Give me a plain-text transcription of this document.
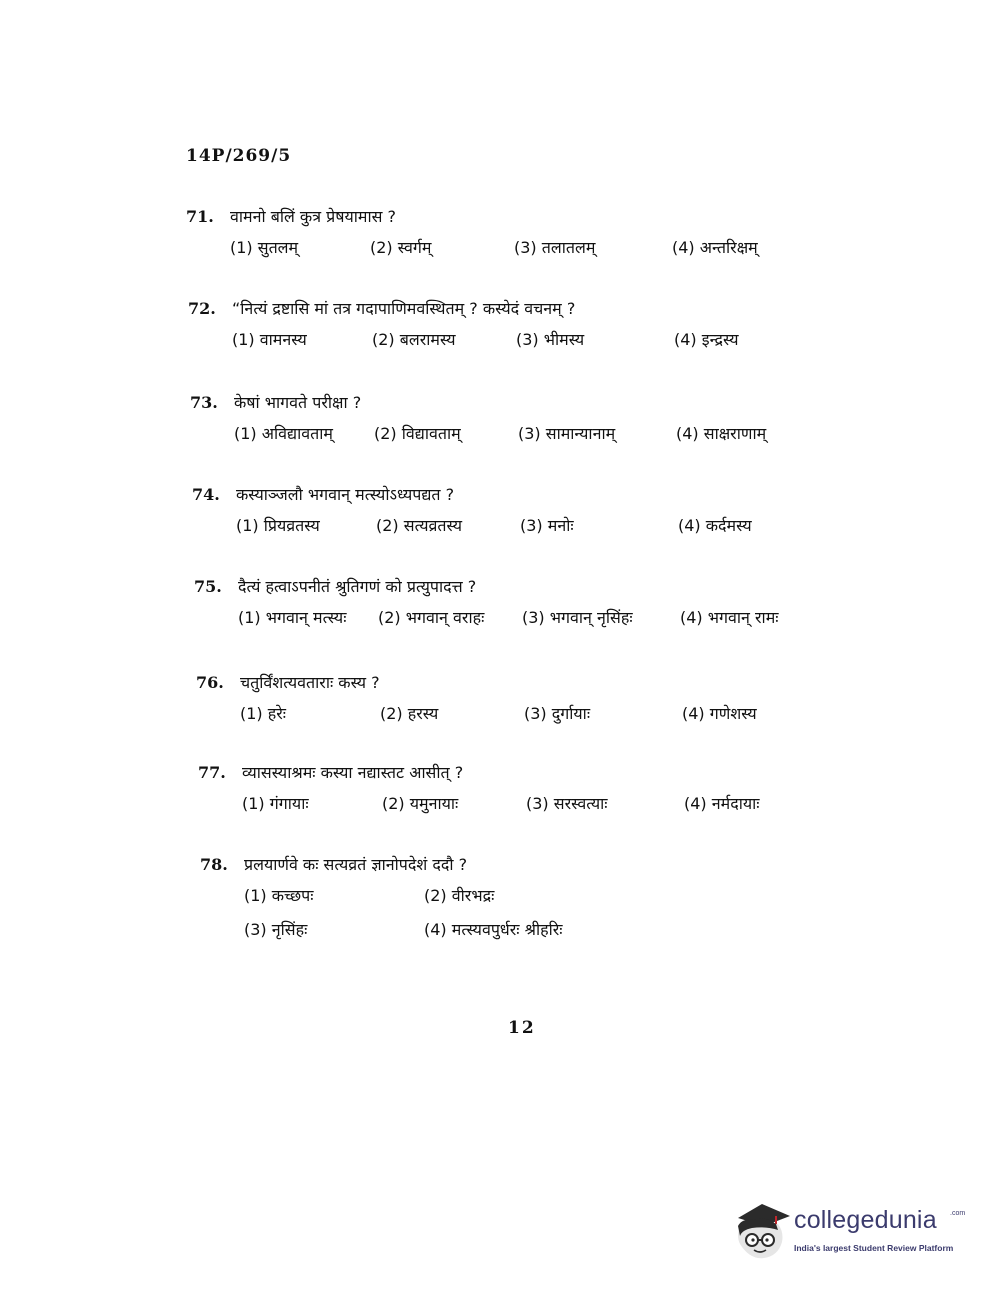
14P/269/5
71. वामनो बलिं कुत्र प्रेषयामास ?
(1) सुतलम्	(2) स्वर्गम्	(3) तलातलम्	(4) अन्तरिक्षम्
72. “नित्यं द्रष्टासि मां तत्र गदापाणिमवस्थितम् ? कस्येदं वचनम् ?
(1) वामनस्य	(2) बलरामस्य	(3) भीमस्य	(4) इन्द्रस्य
73. केषां भागवते परीक्षा ?
(1) अविद्यावताम्	(2) विद्यावताम्	(3) सामान्यानाम्	(4) साक्षराणाम्
74. कस्याञ्जलौ भगवान् मत्स्योऽध्यपद्यत ?
(1) प्रियव्रतस्य	(2) सत्यव्रतस्य	(3) मनोः	(4) कर्दमस्य
75. दैत्यं हत्वाऽपनीतं श्रुतिगणं को प्रत्युपादत्त ?
(1) भगवान् मत्स्यः (2) भगवान् वराहः (3) भगवान् नृसिंहः	(4) भगवान् रामः
76. चतुर्विंशत्यवताराः कस्य ?
(1) हरेः	(2) हरस्य	(3) दुर्गायाः	(4) गणेशस्य
77. व्यासस्याश्रमः कस्या नद्यास्तट आसीत् ?
(1) गंगायाः	(2) यमुनायाः	(3) सरस्वत्याः	(4) नर्मदायाः
78. प्रलयार्णवे कः सत्यव्रतं ज्ञानोपदेशं ददौ ?
(1) कच्छपः	(2) वीरभद्रः
(3) नृसिंहः	(4) मत्स्यवपुर्धरः श्रीहरिः
12
collegedunia .com
India's largest Student Review Platform
